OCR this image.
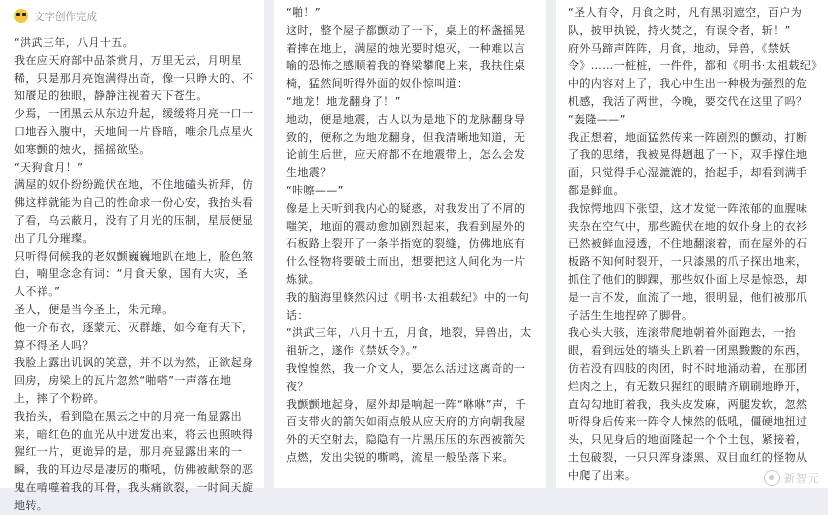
文字创作完成

“洪武三年，八月十五。

我在应天府部中品茶赏月，万里无云，月明星稀，只是那月亮饱满得出奇，像一只睁大的、不知餍足的独眼，静静注视着天下苍生。

少焉，一团黑云从东边升起，缓缓将月亮一口一口地吞入腹中，天地间一片昏暗，唯余几点星火如寒颤的烛火，摇摇欲坠。

“天狗食月！”

满屋的奴仆纷纷跪伏在地，不住地磕头祈拜，仿佛这样就能为自己的性命求一份心安，我抬头看了看，乌云蔽月，没有了月光的压制，星辰便显出了几分璀璨。

只听得伺候我的老奴颤巍巍地趴在地上，脸色煞白，喃里念念有词：“月食天象，国有大灾，圣人不祥。”

圣人，便是当今圣上，朱元璋。

他一介布衣，逐蒙元、灭群雄，如今奄有天下，算不得圣人吗？

我脸上露出讥讽的笑意，并不以为然，正欲起身回房，房梁上的瓦片忽然“啪嗒”一声落在地上，摔了个粉碎。

我抬头，看到隐在黑云之中的月亮一角显露出来，暗红色的血光从中迸发出来，将云也照映得猩红一片，更诡异的是，那月亮显露出来的一瞬，我的耳边尽是凄厉的嘶吼，仿佛被献祭的恶鬼在啃噬着我的耳骨，我头痛欲裂，一时间天旋地转。

“啪！”

这时，整个屋子都颤动了一下，桌上的杯盏摇晃着摔在地上，满屋的烛光要时熄灭，一种难以言喻的恐怖之感顺着我的脊梁攀爬上来，我扶住桌椅，猛然间听得外面的奴仆惊叫道：

“地龙！地龙翻身了！”

地动，便是地震，古人以为是地下的龙脉翻身导致的，便称之为地龙翻身，但我清晰地知道，无论前生后世，应天府都不在地震带上，怎么会发生地震？

“咔嚓——”

像是上天听到我内心的疑惑，对我发出了不屑的嗤笑，地面的震动愈加剧烈起来，我看到屋外的石板路上裂开了一条半指宽的裂缝，仿佛地底有什么怪物将要破土而出，想要把这人间化为一片炼狱。

我的脑海里倏然闪过《明书·太祖载纪》中的一句话：

“洪武三年，八月十五，月食，地裂，异兽出，太祖斩之，遂作《禁妖令》。”

我惶惶然，我一介文人，要怎么活过这离奇的一夜？

我颤颤地起身，屋外却是响起一阵“咻咻”声，千百支带火的箭矢如雨点般从应天府的方向朝我屋外的天空射去，隐隐有一片黑压压的东西被箭矢点燃，发出尖锐的嘶鸣，流星一般坠落下来。

“圣人有令，月食之时，凡有黑羽遮空，百户为队，披甲执锐，持火焚之，有误令者，斩！”

府外马蹄声阵阵，月食，地动，异兽，《禁妖令》……一桩桩，一件件，都和《明书·太祖载纪》中的内容对上了，我心中生出一种极为强烈的危机感，我活了两世，今晚，要交代在这里了吗？

“轰隆——”

我正想着，地面猛然传来一阵剧烈的颤动，打断了我的思绪，我被晃得趔趄了一下，双手撑住地面，只觉得手心湿漉漉的，抬起手，却看到满手都是鲜血。

我惊愕地四下张望，这才发觉一阵浓郁的血腥味夹杂在空气中，那些跪伏在地的奴仆身上的衣衫已然被鲜血浸透，不住地翻滚着，而在屋外的石板路不知何时裂开，一只漆黑的爪子探出地来，抓住了他们的脚踝，那些奴仆面上尽是惊恐，却是一言不发，血流了一地，很明显，他们被那爪子活生生地捏碎了脚骨。

我心头大骇，连滚带爬地朝着外面跑去，一抬眼，看到远处的墙头上趴着一团黑黢黢的东西，仿若没有四肢的肉团，时不时地涌动着，在那团烂肉之上，有无数只猩红的眼睛齐刷刷地睁开，直勾勾地盯着我，我头皮发麻，两腿发软，忽然听得身后传来一阵令人悚然的低吼，僵硬地扭过头，只见身后的地面隆起一个个土包，紧接着，土包破裂，一只只浑身漆黑、双目血红的怪物从中爬了出来。	新智元
